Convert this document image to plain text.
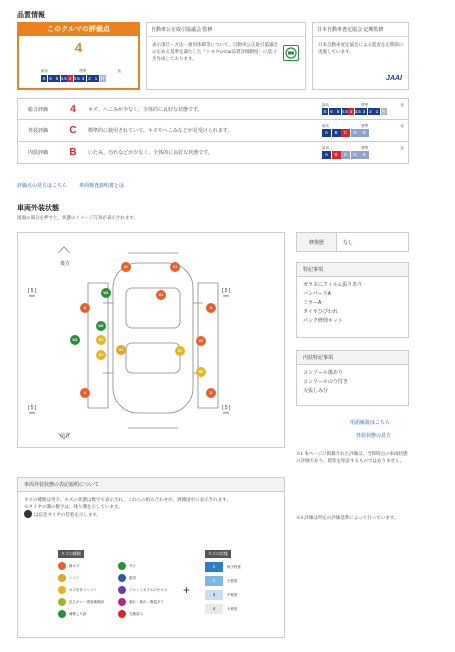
品質情報
このクルマの評価点
4
最高	標準	低
S 6 5 4.5 4 3.5 3 2 1 R
自動車公正取引協議会 監修
表示項目・方法・運用体制等について、自動車公正取引協議会の定める基準を満たした「トヨタU-Car品質評価制度」に基づき作成しております。
日本自動車査定協会 定期監修
日本自動車査定協会による監査を定期的に実施しています。
JAAI
総合評価	4	キズ、へこみが少なく、全体的に良好な状態です。
最高	標準	低
S 6 5 4.5 4 3.5 3 2 1 R
外装評価	C	標準的に使用されていて、キズやへこみなどが見受けられます。
最高	標準	低
A	B	C	D	E
内装評価	B	いたみ、汚れなどが少なく、全体的に良好な状態です。
最高	標準	低
A	B	C	D	E
評価点の見方はこちら 車両検査説明書とは
車両外装状態
図面の部分を押すと、状態のイメージ写真が表示されます。
後方
前方
[ 5 ]
mm
[ 5 ]
mm
[ 5 ]
mm
[ 5 ]
mm
A1	A1
A1
W1
A	A
W2
W1	B1
U1	B1
A1
B1
B3
A	A
修復歴	なし
特記事項
ガラスにフィルム張りあり
バンパー下A
ミラーA
タイヤひびわれ
パンク修理キット
内装特記事項
コンソール傷あり
コンソールのり付き
天張しみ分
用語解説はこちら
外装状態の見方
※1 本ページに掲載された評価は、当時時点の車両状態の評価であり、現状を保証するものではありません。
※2 評価は所定の評価基準によって行っています。
車両外装状態の表記説明について
キズの種類は英字、キズの状態は数字で表示され、これらの組み合わせが、展開図中に表示されます。
※タイヤの溝の数字は、残り溝を示しています。
は応急タイヤの装着を示します。
キズの種類	キズの状態
線キズ	サビ
ヘコミ	腐食
キズを伴うヘコミ	フロントガラスの小キズ
色ちがい・塗装補修跡	割れ・破れ・亀裂あり
補修した跡	交換済み
+
1	極小程度
2	小程度
3	中程度
4	大程度
